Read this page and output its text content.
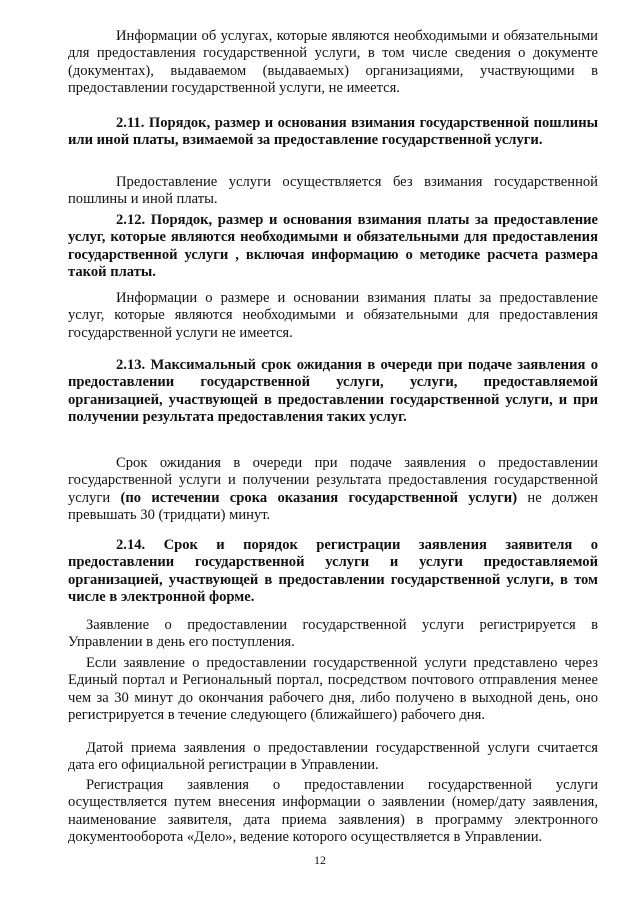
Информации об услугах, которые являются необходимыми и обязательными для предоставления государственной услуги, в том числе сведения о документе (документах), выдаваемом (выдаваемых) организациями, участвующими в предоставлении государственной услуги, не имеется.

2.11. Порядок, размер и основания взимания государственной пошлины или иной платы, взимаемой за предоставление государственной услуги.

Предоставление услуги осуществляется без взимания государственной пошлины и иной платы.

2.12. Порядок, размер и основания взимания платы за предоставление услуг, которые являются необходимыми и обязательными для предоставления государственной услуги , включая информацию о методике расчета размера такой платы.

Информации о размере и основании взимания платы за предоставление услуг, которые являются необходимыми и обязательными для предоставления государственной услуги не имеется.

2.13. Максимальный срок ожидания в очереди при подаче заявления о предоставлении государственной услуги, услуги, предоставляемой организацией, участвующей в предоставлении государственной услуги, и при получении результата предоставления таких услуг.

Срок ожидания в очереди при подаче заявления о предоставлении государственной услуги и получении результата предоставления государственной услуги (по истечении срока оказания государственной услуги) не должен превышать 30 (тридцати) минут.

2.14. Срок и порядок регистрации заявления заявителя о предоставлении государственной услуги и услуги предоставляемой организацией, участвующей в предоставлении государственной услуги, в том числе в электронной форме.

Заявление о предоставлении государственной услуги регистрируется в Управлении в день его поступления.

Если заявление о предоставлении государственной услуги представлено через Единый портал и Региональный портал, посредством почтового отправления менее чем за 30 минут до окончания рабочего дня, либо получено в выходной день, оно регистрируется в течение следующего (ближайшего) рабочего дня.

Датой приема заявления о предоставлении государственной услуги считается дата его официальной регистрации в Управлении.

Регистрация заявления о предоставлении государственной услуги осуществляется путем внесения информации о заявлении (номер/дату заявления, наименование заявителя, дата приема заявления) в программу электронного документооборота «Дело», ведение которого осуществляется в Управлении.

12
